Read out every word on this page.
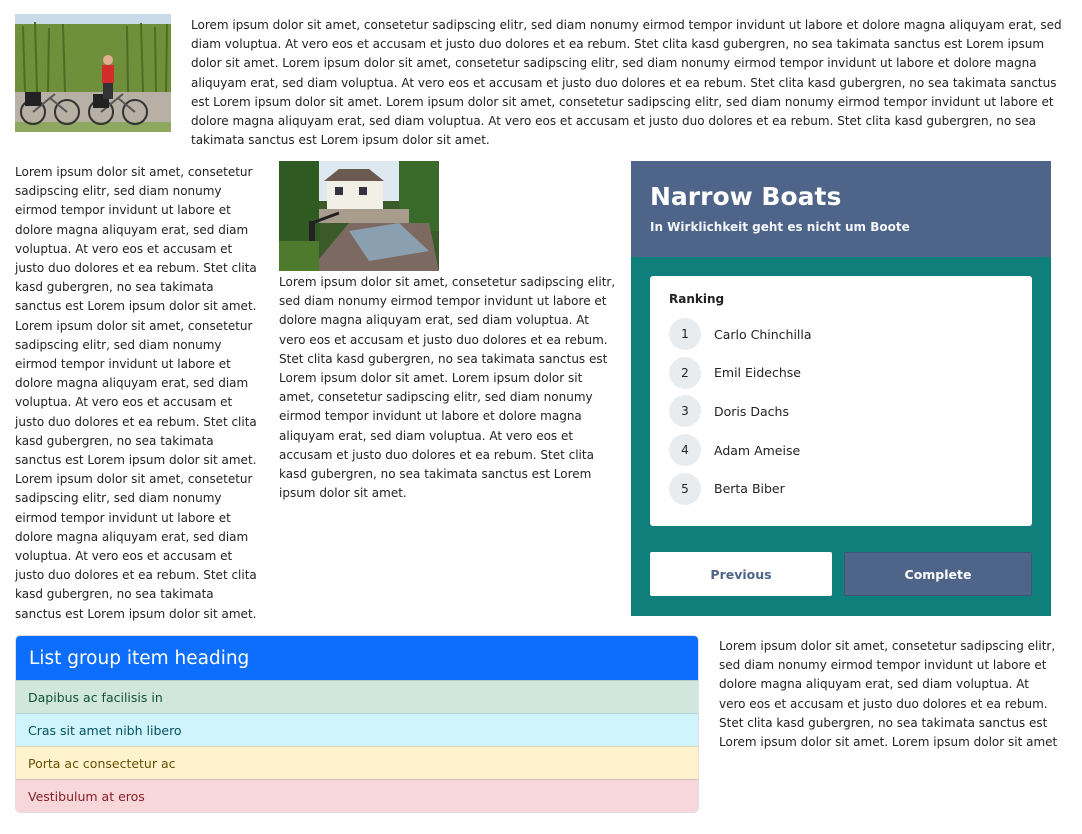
Lorem ipsum dolor sit amet, consetetur sadipscing elitr, sed diam nonumy eirmod tempor invidunt ut labore et dolore magna aliquyam erat, sed diam voluptua. At vero eos et accusam et justo duo dolores et ea rebum. Stet clita kasd gubergren, no sea takimata sanctus est Lorem ipsum dolor sit amet. Lorem ipsum dolor sit amet, consetetur sadipscing elitr, sed diam nonumy eirmod tempor invidunt ut labore et dolore magna aliquyam erat, sed diam voluptua. At vero eos et accusam et justo duo dolores et ea rebum. Stet clita kasd gubergren, no sea takimata sanctus est Lorem ipsum dolor sit amet. Lorem ipsum dolor sit amet, consetetur sadipscing elitr, sed diam nonumy eirmod tempor invidunt ut labore et dolore magna aliquyam erat, sed diam voluptua. At vero eos et accusam et justo duo dolores et ea rebum. Stet clita kasd gubergren, no sea takimata sanctus est Lorem ipsum dolor sit amet.

Lorem ipsum dolor sit amet, consetetur sadipscing elitr, sed diam nonumy eirmod tempor invidunt ut labore et dolore magna aliquyam erat, sed diam voluptua. At vero eos et accusam et justo duo dolores et ea rebum. Stet clita kasd gubergren, no sea takimata sanctus est Lorem ipsum dolor sit amet. Lorem ipsum dolor sit amet, consetetur sadipscing elitr, sed diam nonumy eirmod tempor invidunt ut labore et dolore magna aliquyam erat, sed diam voluptua. At vero eos et accusam et justo duo dolores et ea rebum. Stet clita kasd gubergren, no sea takimata sanctus est Lorem ipsum dolor sit amet. Lorem ipsum dolor sit amet, consetetur sadipscing elitr, sed diam nonumy eirmod tempor invidunt ut labore et dolore magna aliquyam erat, sed diam voluptua. At vero eos et accusam et justo duo dolores et ea rebum. Stet clita kasd gubergren, no sea takimata sanctus est Lorem ipsum dolor sit amet.

Lorem ipsum dolor sit amet, consetetur sadipscing elitr, sed diam nonumy eirmod tempor invidunt ut labore et dolore magna aliquyam erat, sed diam voluptua. At vero eos et accusam et justo duo dolores et ea rebum. Stet clita kasd gubergren, no sea takimata sanctus est Lorem ipsum dolor sit amet. Lorem ipsum dolor sit amet, consetetur sadipscing elitr, sed diam nonumy eirmod tempor invidunt ut labore et dolore magna aliquyam erat, sed diam voluptua. At vero eos et accusam et justo duo dolores et ea rebum. Stet clita kasd gubergren, no sea takimata sanctus est Lorem ipsum dolor sit amet.

Narrow Boats
In Wirklichkeit geht es nicht um Boote
Ranking
1	Carlo Chinchilla
2	Emil Eidechse
3	Doris Dachs
4	Adam Ameise
5	Berta Biber
Previous	Complete
List group item heading
Dapibus ac facilisis in
Cras sit amet nibh libero
Porta ac consectetur ac
Vestibulum at eros

Lorem ipsum dolor sit amet, consetetur sadipscing elitr, sed diam nonumy eirmod tempor invidunt ut labore et dolore magna aliquyam erat, sed diam voluptua. At vero eos et accusam et justo duo dolores et ea rebum. Stet clita kasd gubergren, no sea takimata sanctus est Lorem ipsum dolor sit amet. Lorem ipsum dolor sit amet
